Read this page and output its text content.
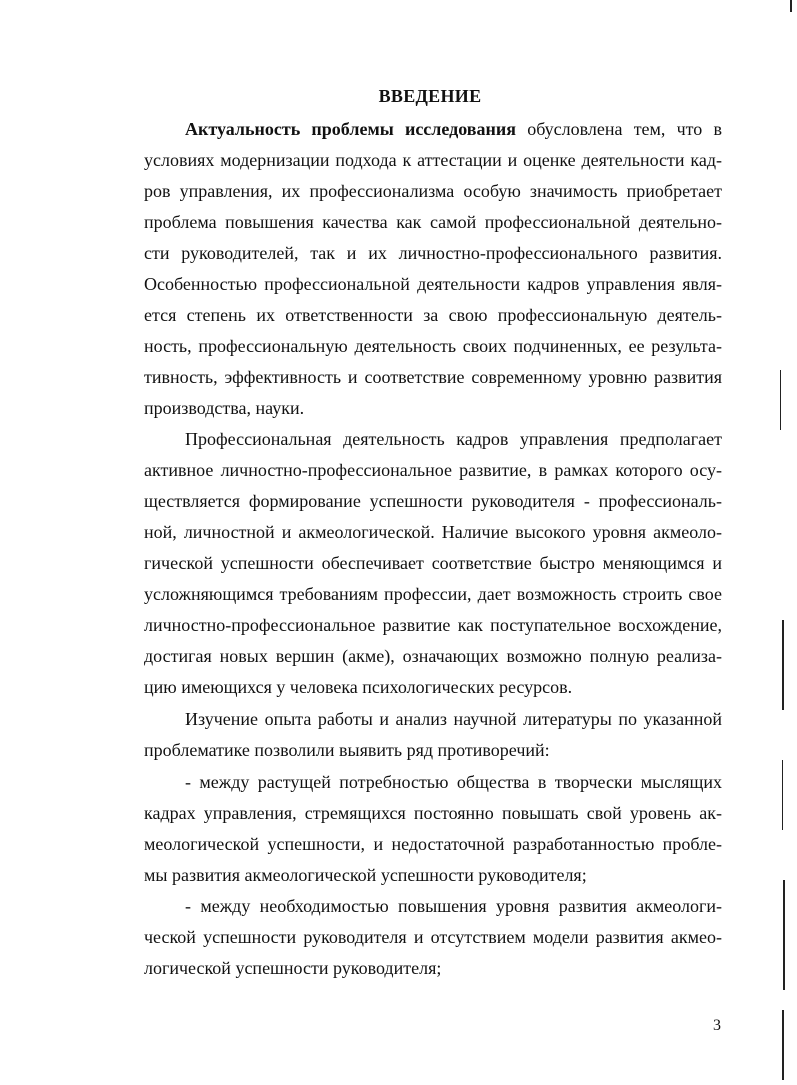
ВВЕДЕНИЕ
Актуальность проблемы исследования обусловлена тем, что в
условиях модернизации подхода к аттестации и оценке деятельности кад-
ров управления, их профессионализма особую значимость приобретает
проблема повышения качества как самой профессиональной деятельно-
сти руководителей, так и их личностно-профессионального развития.
Особенностью профессиональной деятельности кадров управления явля-
ется степень их ответственности за свою профессиональную деятель-
ность, профессиональную деятельность своих подчиненных, ее результа-
тивность, эффективность и соответствие современному уровню развития
производства, науки.
Профессиональная деятельность кадров управления предполагает
активное личностно-профессиональное развитие, в рамках которого осу-
ществляется формирование успешности руководителя - профессиональ-
ной, личностной и акмеологической. Наличие высокого уровня акмеоло-
гической успешности обеспечивает соответствие быстро меняющимся и
усложняющимся требованиям профессии, дает возможность строить свое
личностно-профессиональное развитие как поступательное восхождение,
достигая новых вершин (акме), означающих возможно полную реализа-
цию имеющихся у человека психологических ресурсов.
Изучение опыта работы и анализ научной литературы по указанной
проблематике позволили выявить ряд противоречий:
- между растущей потребностью общества в творчески мыслящих
кадрах управления, стремящихся постоянно повышать свой уровень ак-
меологической успешности, и недостаточной разработанностью пробле-
мы развития акмеологической успешности руководителя;
- между необходимостью повышения уровня развития акмеологи-
ческой успешности руководителя и отсутствием модели развития акмео-
логической успешности руководителя;
3
